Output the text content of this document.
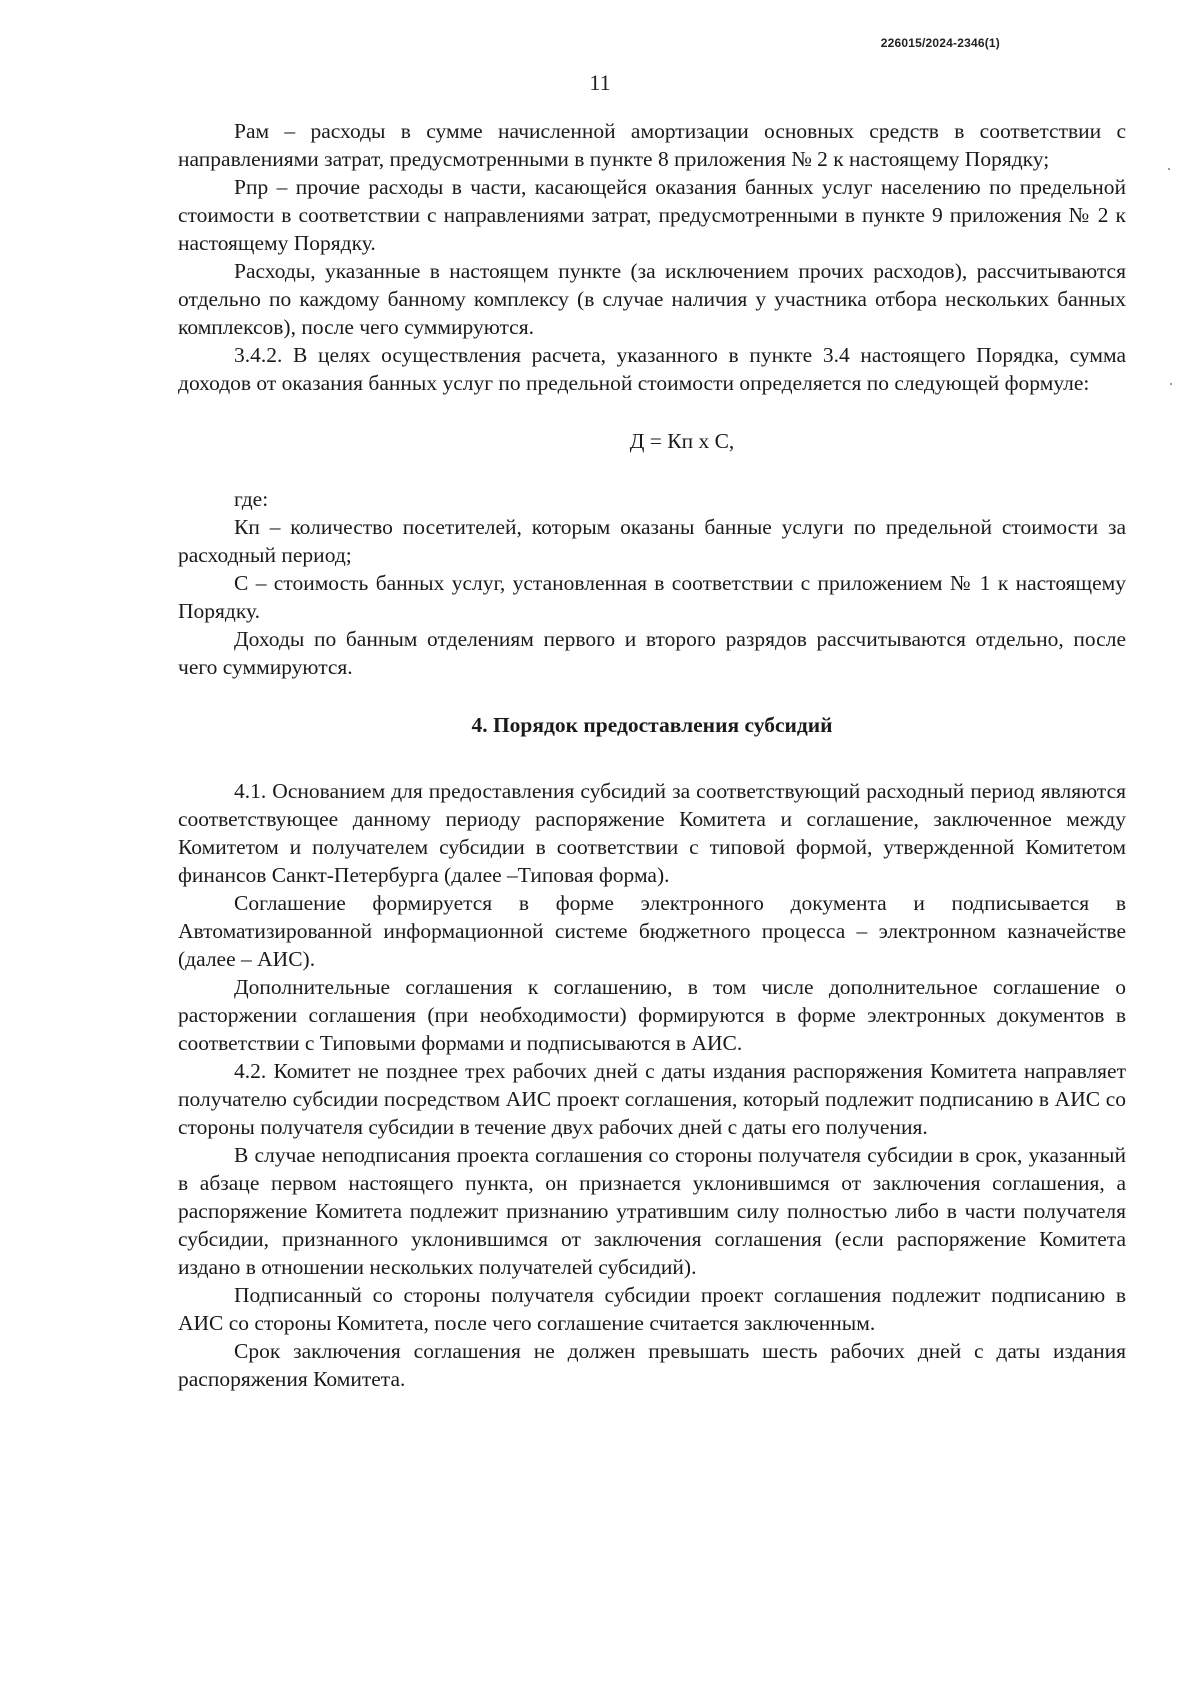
226015/2024-2346(1)
11

Рам – расходы в сумме начисленной амортизации основных средств в соответствии с направлениями затрат, предусмотренными в пункте 8 приложения № 2 к настоящему Порядку;

Рпр – прочие расходы в части, касающейся оказания банных услуг населению по предельной стоимости в соответствии с направлениями затрат, предусмотренными в пункте 9 приложения № 2 к настоящему Порядку.

Расходы, указанные в настоящем пункте (за исключением прочих расходов), рассчитываются отдельно по каждому банному комплексу (в случае наличия у участника отбора нескольких банных комплексов), после чего суммируются.

3.4.2. В целях осуществления расчета, указанного в пункте 3.4 настоящего Порядка, сумма доходов от оказания банных услуг по предельной стоимости определяется по следующей формуле:

Д = Кп х С,

где:

Кп – количество посетителей, которым оказаны банные услуги по предельной стоимости за расходный период;

С – стоимость банных услуг, установленная в соответствии с приложением № 1 к настоящему Порядку.

Доходы по банным отделениям первого и второго разрядов рассчитываются отдельно, после чего суммируются.

4. Порядок предоставления субсидий

4.1. Основанием для предоставления субсидий за соответствующий расходный период являются соответствующее данному периоду распоряжение Комитета и соглашение, заключенное между Комитетом и получателем субсидии в соответствии с типовой формой, утвержденной Комитетом финансов Санкт-Петербурга (далее –Типовая форма).

Соглашение формируется в форме электронного документа и подписывается в Автоматизированной информационной системе бюджетного процесса – электронном казначействе (далее – АИС).

Дополнительные соглашения к соглашению, в том числе дополнительное соглашение о расторжении соглашения (при необходимости) формируются в форме электронных документов в соответствии с Типовыми формами и подписываются в АИС.

4.2. Комитет не позднее трех рабочих дней с даты издания распоряжения Комитета направляет получателю субсидии посредством АИС проект соглашения, который подлежит подписанию в АИС со стороны получателя субсидии в течение двух рабочих дней с даты его получения.

В случае неподписания проекта соглашения со стороны получателя субсидии в срок, указанный в абзаце первом настоящего пункта, он признается уклонившимся от заключения соглашения, а распоряжение Комитета подлежит признанию утратившим силу полностью либо в части получателя субсидии, признанного уклонившимся от заключения соглашения (если распоряжение Комитета издано в отношении нескольких получателей субсидий).

Подписанный со стороны получателя субсидии проект соглашения подлежит подписанию в АИС со стороны Комитета, после чего соглашение считается заключенным.

Срок заключения соглашения не должен превышать шесть рабочих дней с даты издания распоряжения Комитета.
